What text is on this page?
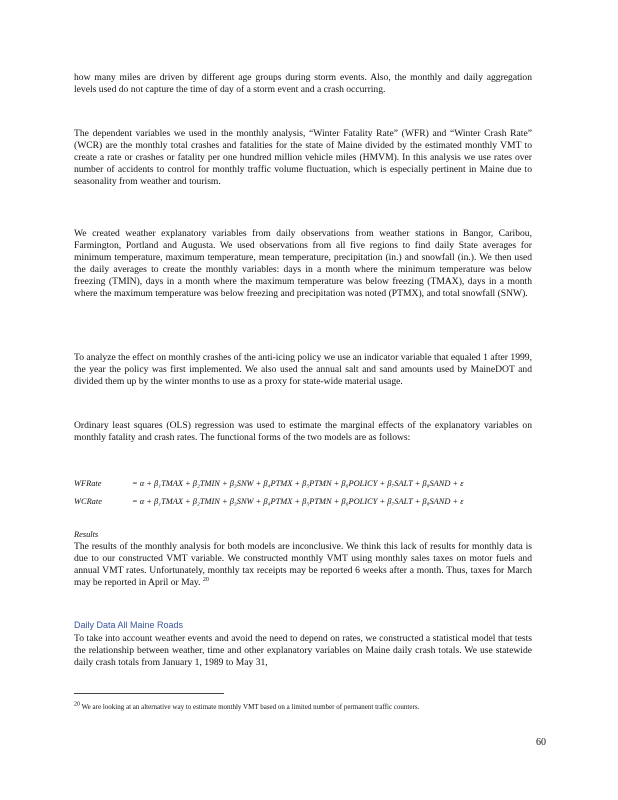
how many miles are driven by different age groups during storm events. Also, the monthly and daily aggregation levels used do not capture the time of day of a storm event and a crash occurring.

The dependent variables we used in the monthly analysis, “Winter Fatality Rate” (WFR) and “Winter Crash Rate” (WCR) are the monthly total crashes and fatalities for the state of Maine divided by the estimated monthly VMT to create a rate or crashes or fatality per one hundred million vehicle miles (HMVM). In this analysis we use rates over number of accidents to control for monthly traffic volume fluctuation, which is especially pertinent in Maine due to seasonality from weather and tourism.

We created weather explanatory variables from daily observations from weather stations in Bangor, Caribou, Farmington, Portland and Augusta. We used observations from all five regions to find daily State averages for minimum temperature, maximum temperature, mean temperature, precipitation (in.) and snowfall (in.). We then used the daily averages to create the monthly variables: days in a month where the minimum temperature was below freezing (TMIN), days in a month where the maximum temperature was below freezing (TMAX), days in a month where the maximum temperature was below freezing and precipitation was noted (PTMX), and total snowfall (SNW).

To analyze the effect on monthly crashes of the anti-icing policy we use an indicator variable that equaled 1 after 1999, the year the policy was first implemented. We also used the annual salt and sand amounts used by MaineDOT and divided them up by the winter months to use as a proxy for state-wide material usage.

Ordinary least squares (OLS) regression was used to estimate the marginal effects of the explanatory variables on monthly fatality and crash rates. The functional forms of the two models are as follows:

WFRate	= α + β₁TMAX + β₂TMIN + β₃SNW + β₄PTMX + β₅PTMN + β₆POLICY + β₇SALT + β₈SAND + ε
WCRate	= α + β₁TMAX + β₂TMIN + β₃SNW + β₄PTMX + β₅PTMN + β₆POLICY + β₇SALT + β₈SAND + ε
Results

The results of the monthly analysis for both models are inconclusive. We think this lack of results for monthly data is due to our constructed VMT variable. We constructed monthly VMT using monthly sales taxes on motor fuels and annual VMT rates. Unfortunately, monthly tax receipts may be reported 6 weeks after a month. Thus, taxes for March may be reported in April or May. $^{20}$

Daily Data All Maine Roads

To take into account weather events and avoid the need to depend on rates, we constructed a statistical model that tests the relationship between weather, time and other explanatory variables on Maine daily crash totals. We use statewide daily crash totals from January 1, 1989 to May 31,

$^{20}$ We are looking at an alternative way to estimate monthly VMT based on a limited number of permanent traffic counters.
60
